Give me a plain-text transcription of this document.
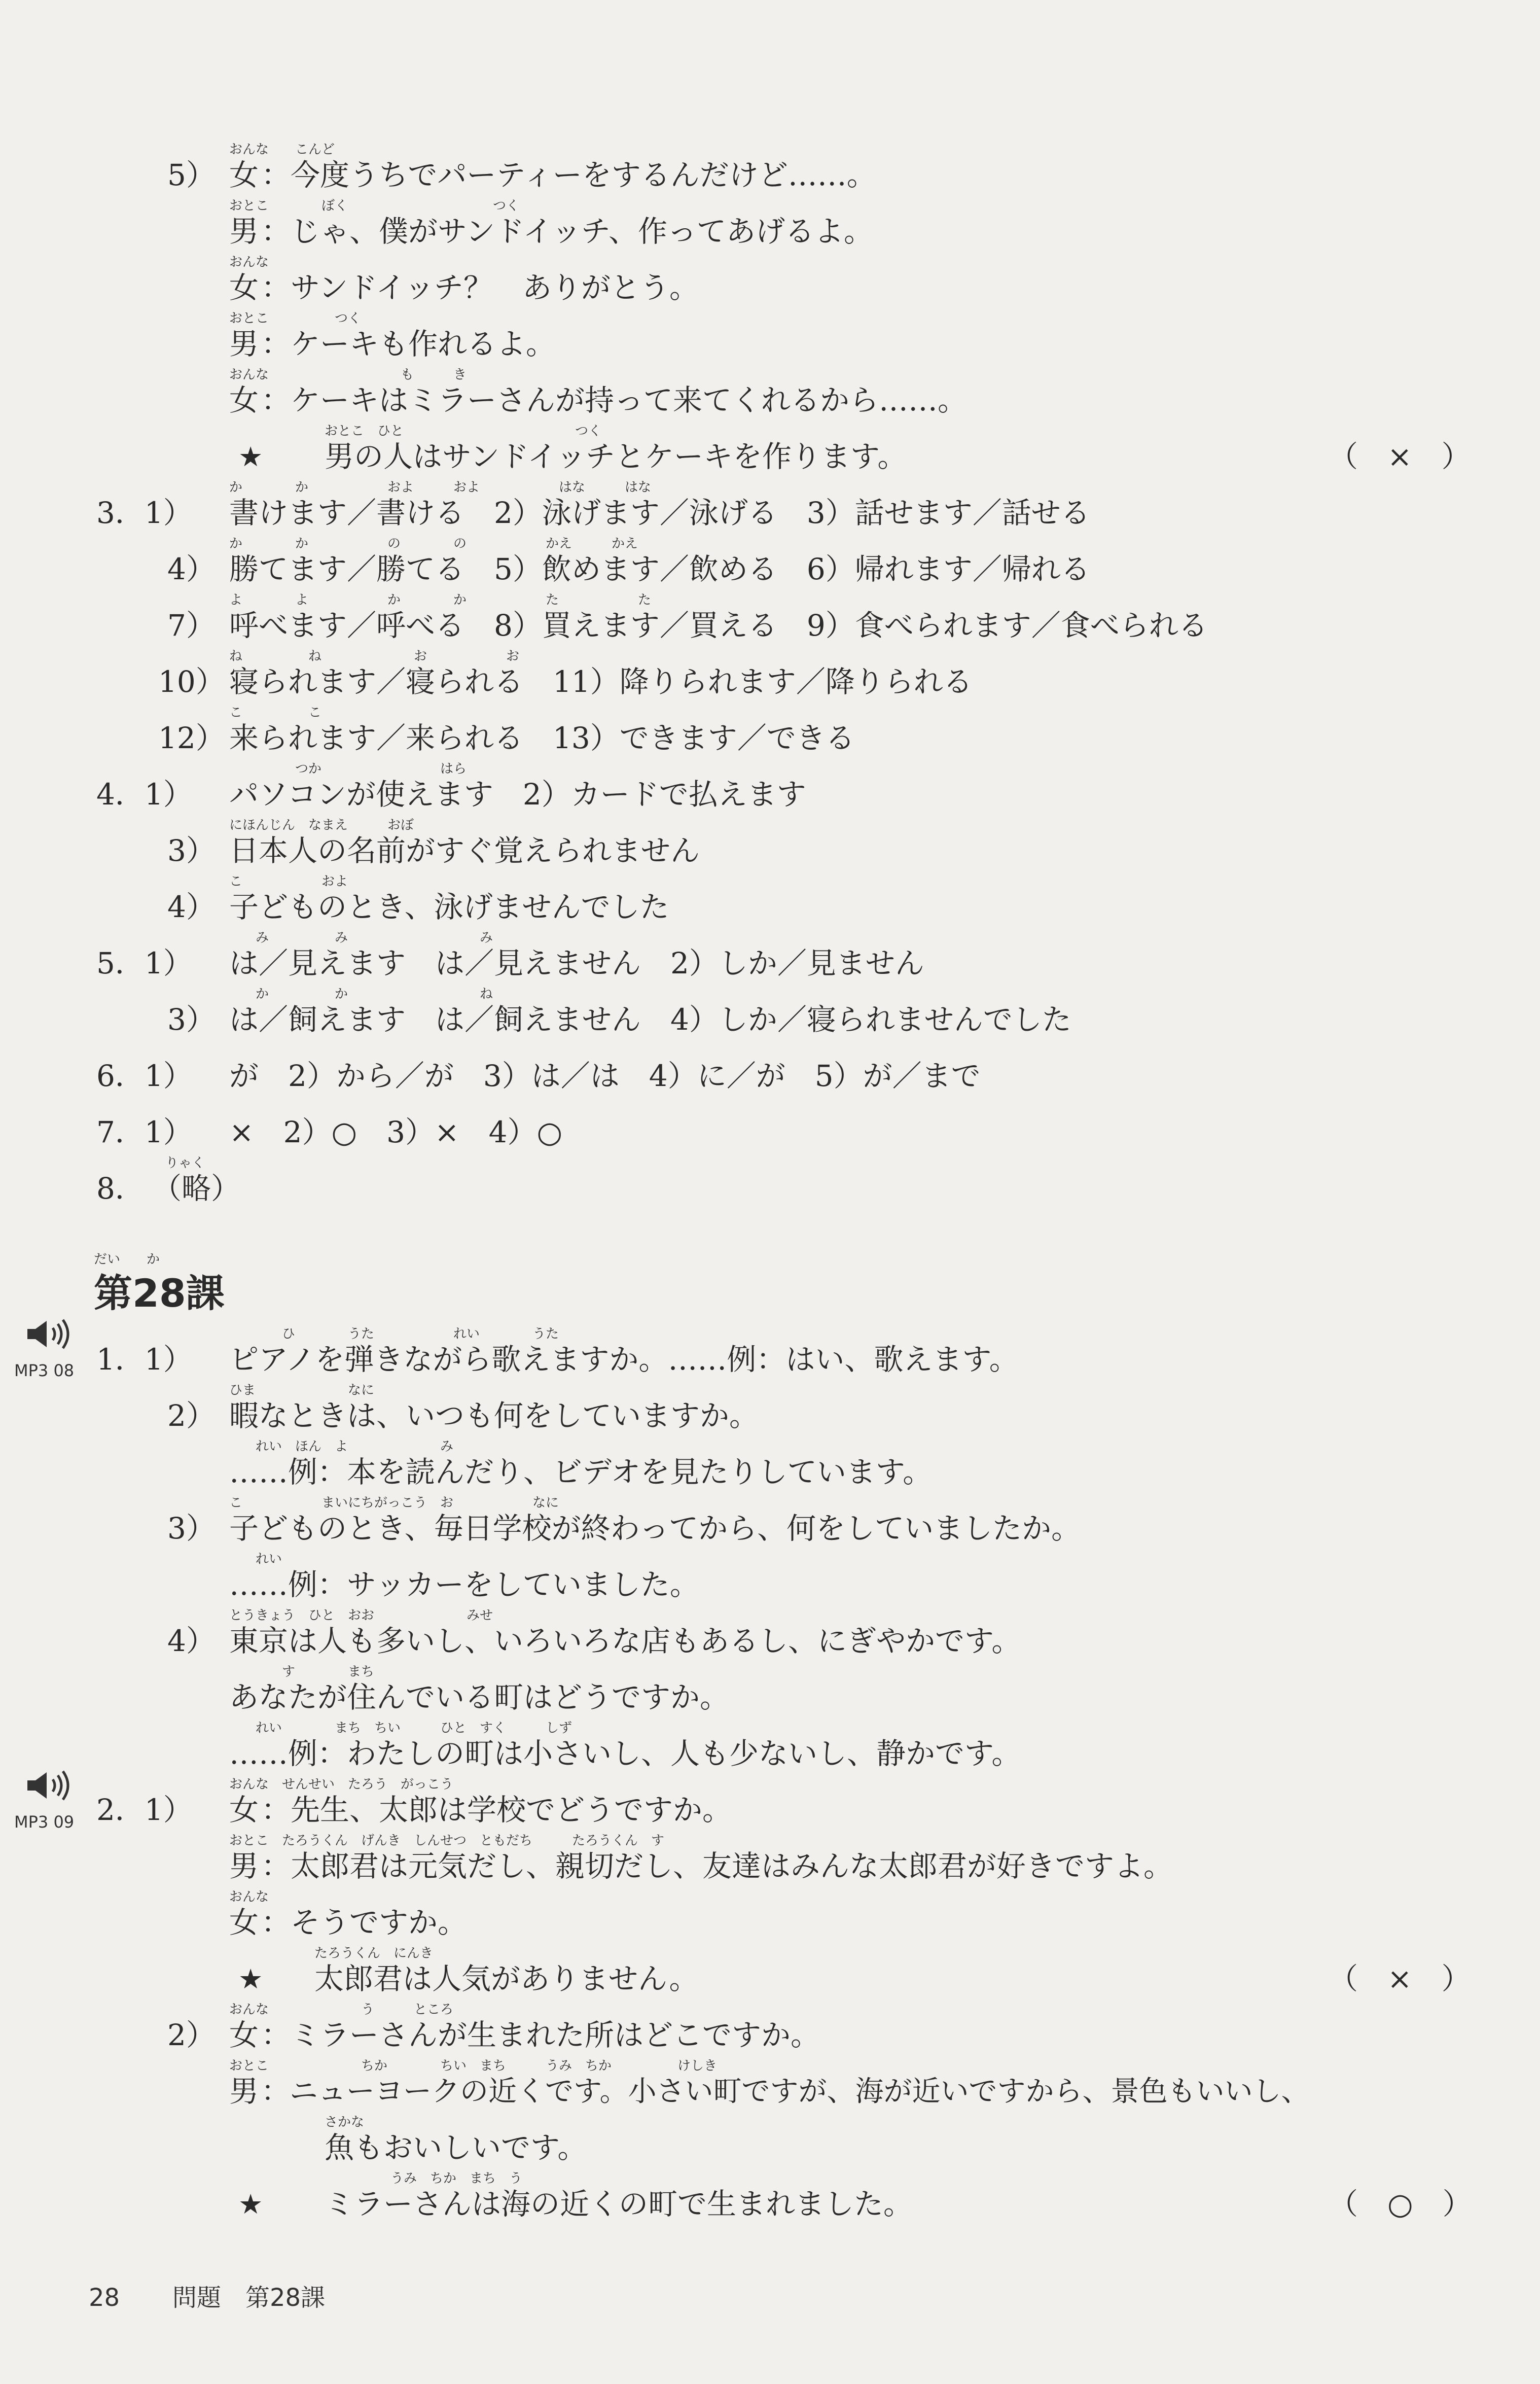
5）
おんな　　こんど
女 ：今度うちでパーティーをするんだけど……。
おとこ　　　　ぼく　　　　　　　　　　　つく
男 ：じゃ、僕がサンドイッチ、作ってあげるよ。
おんな
女 ：サンドイッチ？　ありがとう。
おとこ　　　　　つく
男 ：ケーキも作れるよ。
おんな　　　　　　　　　　も　　　き
女 ：ケーキはミラーさんが持って来てくれるから……。
★
おとこ　ひと　　　　　　　　　　　　　つく
男の人はサンドイッチとケーキを作ります。	（　×　）
3．1）
か　　　　か　　　　　　およ　　　およ　　　　　　はな　　　はな
書けます／書ける　2）泳げます／泳げる　3）話せます／話せる
4）
か　　　　か　　　　　　の　　　　の　　　　　　かえ　　　かえ
勝てます／勝てる　5）飲めます／飲める　6）帰れます／帰れる
7）
よ　　　　よ　　　　　　か　　　　か　　　　　　た　　　　　　た
呼べます／呼べる　8）買えます／買える　9）食べられます／食べられる
10）
ね　　　　　ね　　　　　　　お　　　　　　お
寝られます／寝られる　11）降りられます／降りられる
12）
こ　　　　　こ
来られます／来られる　13）できます／できる
4．1）
　　　　　つか　　　　　　　　　はら
パソコンが使えます　2）カードで払えます
3）
にほんじん　なまえ　　　おぼ
日本人の名前がすぐ覚えられません
4）
こ　　　　　　およ
子どものとき、泳げませんでした
5．1）
　　み　　　　　み　　　　　　　　　　み
は／見えます　は／見えません　2）しか／見ません
3）
　　か　　　　　か　　　　　　　　　　ね
は／飼えます　は／飼えません　4）しか／寝られませんでした
6．1） が　2）から／が　3）は／は　4）に／が　5）が／まで
7．1） ×　2）○　3）×　4）○
8．
　りゃく
（略）
だい　　か
第28課
MP3 08 1．1）
　　　　ひ　　　　うた　　　　　　れい　　　　うた
ピアノを弾きながら歌えますか。……例：はい、歌えます。
2）
ひま　　　　　　　なに
暇なときは、いつも何をしていますか。
　　れい　ほん　よ　　　　　　　み
……例：本を読んだり、ビデオを見たりしています。
3）
こ　　　　　　まいにちがっこう　お　　　　　　なに
子どものとき、毎日学校が終わってから、何をしていましたか。
　　れい
……例：サッカーをしていました。
4）
とうきょう　ひと　おお　　　　　　　みせ
東京は人も多いし、いろいろな店もあるし、にぎやかです。
　　　　す　　　　まち
あなたが住んでいる町はどうですか。
　　れい　　　　まち　ちい　　　ひと　すく　　　しず
……例：わたしの町は小さいし、人も少ないし、静かです。
MP3 09 2．1）
おんな　せんせい　たろう　がっこう
女 ：先生、太郎は学校でどうですか。
おとこ　たろうくん　げんき　しんせつ　ともだち　　　たろうくん　す
男 ：太郎君は元気だし、親切だし、友達はみんな太郎君が好きですよ。
おんな
女 ：そうですか。
★
たろうくん　にんき
太郎君は人気がありません。	（　×　）
2）
おんな　　　　　　　う　　　ところ
女 ：ミラーさんが生まれた所はどこですか。
おとこ　　　　　　　ちか　　　　ちい　まち　　　うみ　ちか　　　　　けしき
男 ：ニューヨークの近くです。小さい町ですが、海が近いですから、景色もいいし、
さかな
魚もおいしいです。
★
　　　　　うみ　ちか　まち　う
ミラーさんは海の近くの町で生まれました。	（　○　）
28 問題　第28課
